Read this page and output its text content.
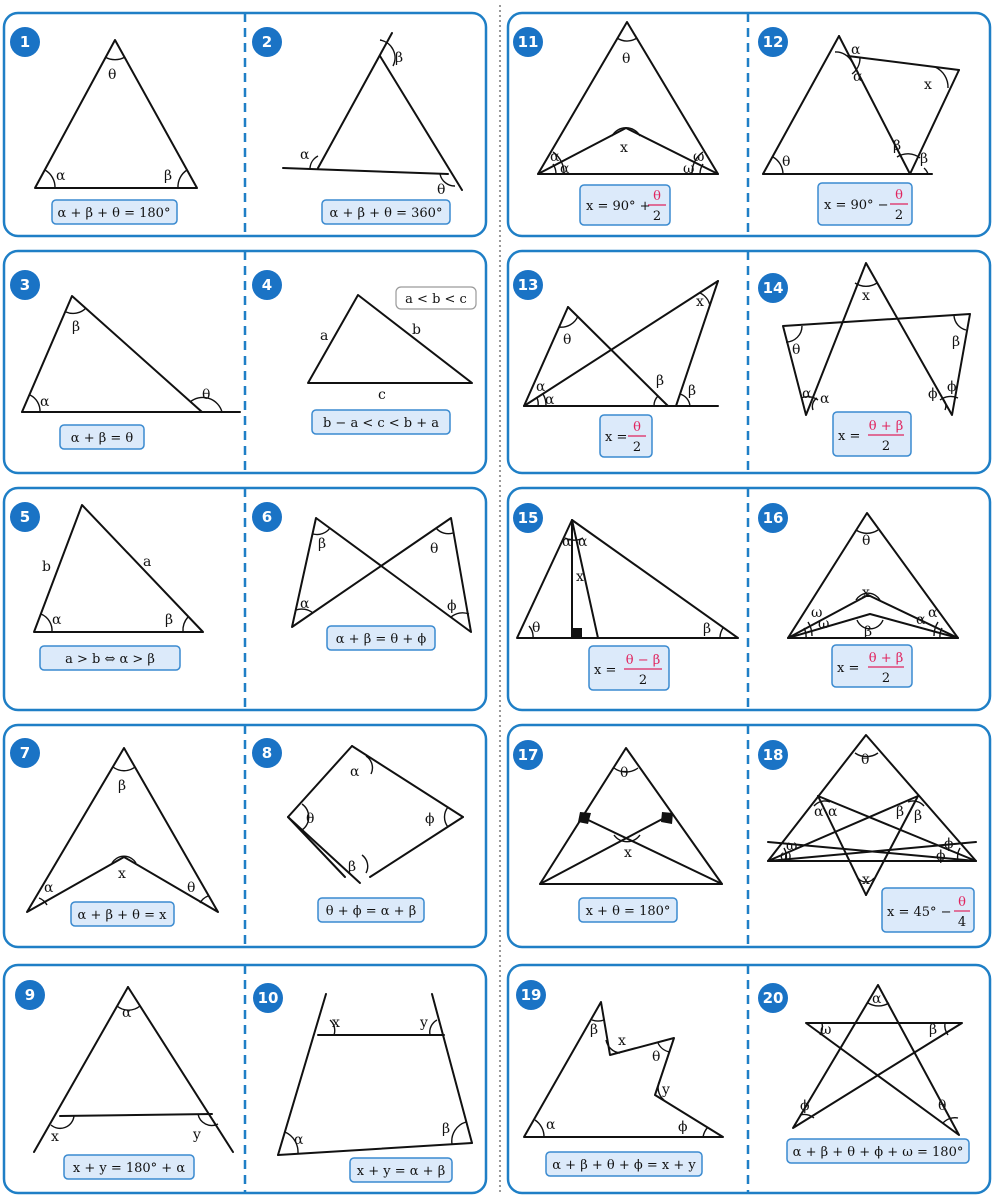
1	2
3	4
5	6
7	8
9	10
11	12
13	14
15	16
17	18
19	20
θ
α	β
α + β + θ = 180°
α
β
θ
α + β + θ = 360°
α
β
θ
α + β = θ
a	b
c
a < b < c
b − a < c < b + a
b	a
α	β
a > b ⇔ α > β
β
α
θ
ϕ
α + β = θ + ϕ
β
x
α	θ
α + β + θ = x
α
θ	ϕ
β
θ + ϕ = α + β
α
x	y
x + y = 180° + α
x	y
α
β
x + y = α + β
θ
x
α
α
ω
ω
x = 90° +
θ
2
α
α	x
θ
β
β
x = 90° −
θ
2
θ
x
α
α
β
β
x =
θ
2
x
θ	β
α α	ϕ ϕ
x =
θ + β
2
α α
x
θ	β
x =
θ − β
2
θ
x
β
ω
ω
α
α
x =
θ + β
2
θ
x
x + θ = 180°
θ
α α	β β
ω
ω
ϕ
ϕ
x
x = 45° −
θ
4
β
x
θ
y
α	ϕ
α + β + θ + ϕ = x + y
α
ω	β
ϕ	θ
α + β + θ + ϕ + ω = 180°
